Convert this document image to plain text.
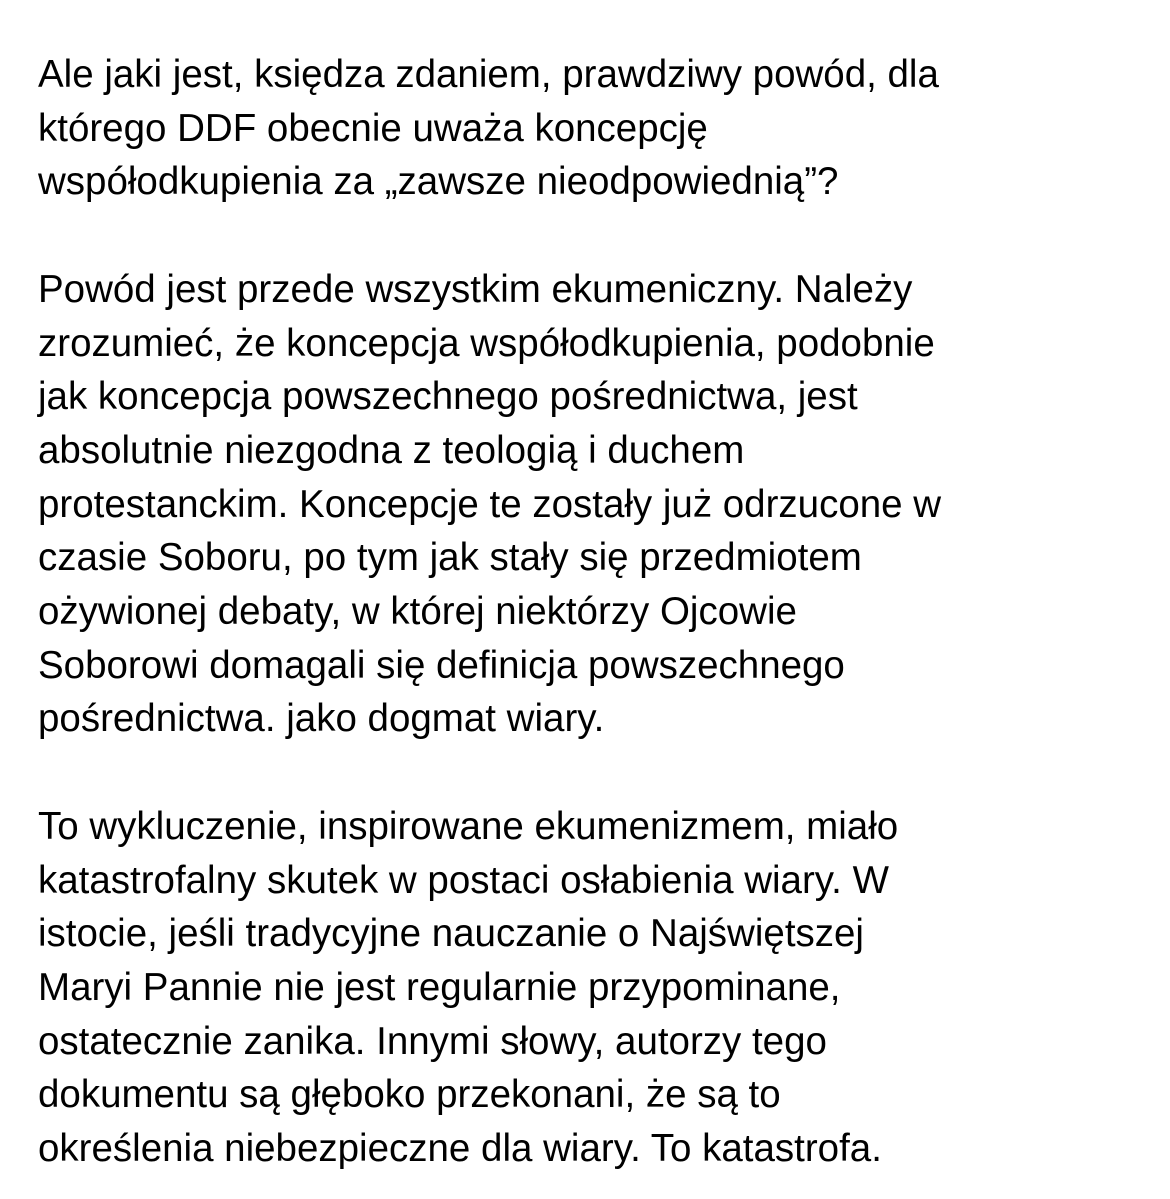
Ale jaki jest, księdza zdaniem, prawdziwy powód, dla
którego DDF obecnie uważa koncepcję
współodkupienia za „zawsze nieodpowiednią”?

Powód jest przede wszystkim ekumeniczny. Należy
zrozumieć, że koncepcja współodkupienia, podobnie
jak koncepcja powszechnego pośrednictwa, jest
absolutnie niezgodna z teologią i duchem
protestanckim. Koncepcje te zostały już odrzucone w
czasie Soboru, po tym jak stały się przedmiotem
ożywionej debaty, w której niektórzy Ojcowie
Soborowi domagali się definicja powszechnego
pośrednictwa. jako dogmat wiary.

To wykluczenie, inspirowane ekumenizmem, miało
katastrofalny skutek w postaci osłabienia wiary. W
istocie, jeśli tradycyjne nauczanie o Najświętszej
Maryi Pannie nie jest regularnie przypominane,
ostatecznie zanika. Innymi słowy, autorzy tego
dokumentu są głęboko przekonani, że są to
określenia niebezpieczne dla wiary. To katastrofa.
